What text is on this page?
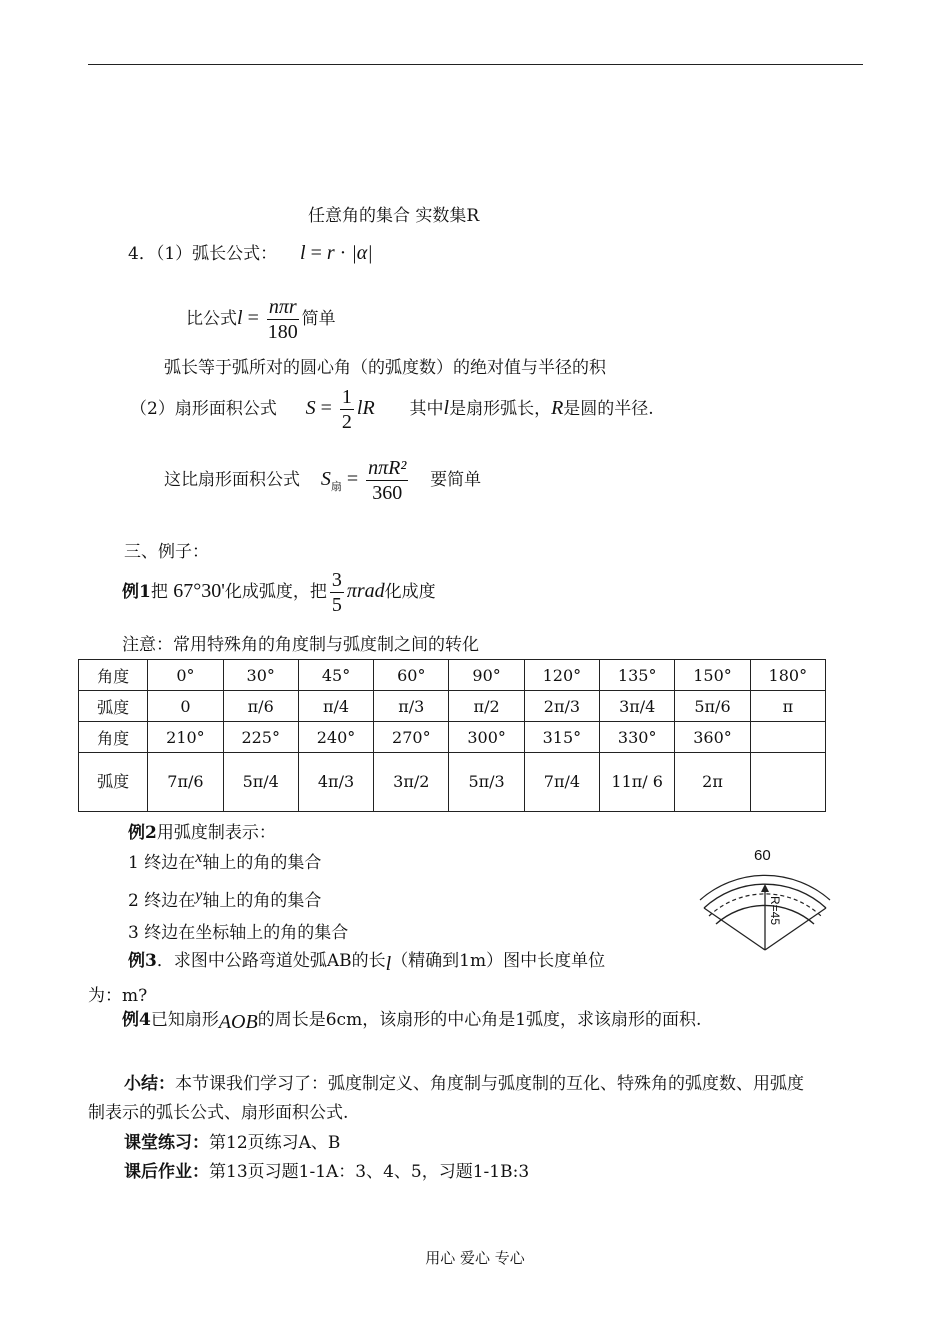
任意角的集合 实数集R
4．（1）弧长公式： l = r · |α|
比公式$l = \frac{\text{nπr}}{180}$ 简单
弧长等于弧所对的圆心角（的弧度数）的绝对值与半径的积
（2）扇形面积公式 $S = \frac{1}{2}$ lR 其中l是扇形弧长，R是圆的半径.
这比扇形面积公式 $S_扇 = \frac{\text{nπR²}}{360}$ 要简单
三、例子：
例1把 67°30'化成弧度，把 $\frac{3}{5}$ πrad化成度
注意：常用特殊角的角度制与弧度制之间的转化
角度	0°	30°	45°	60°	90°	120°	135°	150°	180°
弧度	0	π/6	π/4	π/3	π/2	2π/3	3π/4	5π/6	π
角度	210°	225°	240°	270°	300°	315°	330°	360°	
弧度	7π/6	5π/4	4π/3	3π/2	5π/3	7π/4	11π/ 6	2π	
例2用弧度制表示：
1 终边在x轴上的角的集合
2 终边在y轴上的角的集合
3 终边在坐标轴上的角的集合
例3．求图中公路弯道处弧AB的长l（精确到1m）图中长度单位
为：m?
60
R=45
例4已知扇形AOB的周长是6cm，该扇形的中心角是1弧度，求该扇形的面积.
小结：本节课我们学习了：弧度制定义、角度制与弧度制的互化、特殊角的弧度数、用弧度
制表示的弧长公式、扇形面积公式.
课堂练习：第12页练习A、B
课后作业：第13页习题1-1A：3、4、5，习题1-1B:3
用心 爱心 专心
